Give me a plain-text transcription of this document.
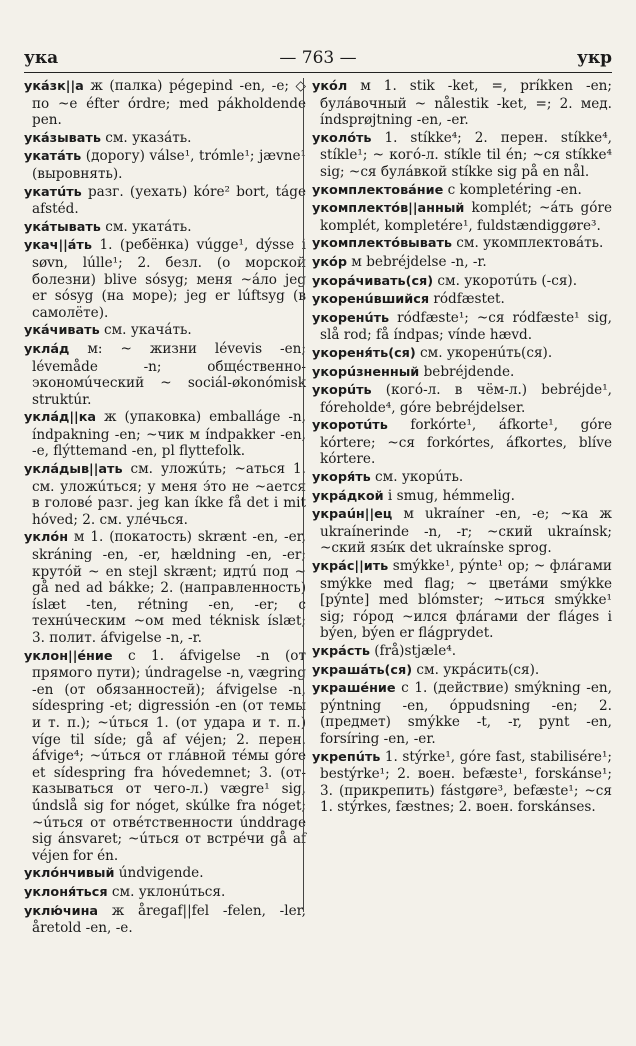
ука	— 763 —	укр
укáзк||а ж (палка) pégepind -en, -e; ◇ по ~е éfter órdre; med pákholdende pen.
укáзывать см. указáть.
укатáть (дорогу) válse¹, trómle¹; jævne¹ (выровнять).
укатúть разг. (уехать) kóre² bort, táge afstéd.
укáтывать см. укатáть.
укач||áть 1. (ребёнка) vúgge¹, dýsse i søvn, lúlle¹; 2. безл. (о морской болезни) blive sósyg; меня ~áло jeg er sósyg (на море); jeg er lúftsyg (в самолёте).
укáчивать см. укачáть.
уклáд м: ~ жизни lévevis -en; lévemåde -n; общéственно-экономúческий ~ sociál-økonómisk struktúr.
уклáд||ка ж (упаковка) emballáge -n, índpakning -en; ~чик м índpakker -en, -e, flýttemand -en, pl flyttefolk.
уклáдыв||ать см. уложúть; ~аться 1. см. уложúться; у меня э́то не ~ается в головé разг. jeg kan íkke få det i mit hóved; 2. см. улéчься.
уклóн м 1. (покатость) skrænt -en, -er, skráning -en, -er, hældning -en, -er; крутóй ~ en stejl skrænt; идтú под ~ gå ned ad bákke; 2. (направленность) íslæt -ten, rétning -en, -er; с технúческим ~ом med téknisk íslæt; 3. полит. áfvigelse -n, -r.
уклон||éние с 1. áfvigelse -n (от прямого пути); úndragelse -n, vægring -en (от обязанностей); áfvigelse -n, sídespring -et; digressión -en (от темы и т. п.); ~úться 1. (от удара и т. п.) víge til síde; gå af véjen; 2. перен. áfvige⁴; ~úться от глáвной тéмы góre et sídespring fra hóvedemnet; 3. (от-казываться от чего-л.) vægre¹ sig, úndslå sig for nóget, skúlke fra nóget; ~úться от отвéтственности únddrage sig ánsvaret; ~úться от встрéчи gå af véjen for én.
уклóнчивый úndvigende.
уклоня́ться см. уклонúться.
уклю́чина ж åregaf||fel -felen, -ler, åretold -en, -e.
укóл м 1. stik -ket, =, príkken -en; булáвочный ~ nålestik -ket, =; 2. мед. índsprøjtning -en, -er.
уколóть 1. stíkke⁴; 2. перен. stíkke⁴, stíkle¹; ~ когó-л. stíkle til én; ~ся stíkke⁴ sig; ~ся булáвкой stíkke sig på en nål.
укомплектовáние с kompletéring -en.
укомплектóв||анный komplét; ~áть góre komplét, kompletére¹, fuldstændiggøre³.
укомплектóвывать см. укомплектовáть.
укóр м bebréjdelse -n, -r.
укорáчивать(ся) см. укоротúть (-ся).
укоренúвшийся ródfæstet.
укоренúть ródfæste¹; ~ся ródfæste¹ sig, slå rod; få índpas; vínde hævd.
укореня́ть(ся) см. укоренúть(ся).
укорúзненный bebréjdende.
укорúть (когó-л. в чём-л.) bebréjde¹, fóreholde⁴, góre bebréjdelser.
укоротúть forkórte¹, áfkorte¹, góre kórtere; ~ся forkórtes, áfkortes, blíve kórtere.
укоря́ть см. укорúть.
укрáдкой i smug, hémmelig.
украúн||ец м ukraíner -en, -e; ~ка ж ukraínerinde -n, -r; ~ский ukraínsk; ~ский язы́к det ukraínske sprog.
укрáс||ить smýkke¹, pýnte¹ op; ~ флáгами smýkke med flag; ~ цветáми smýkke [pýnte] med blómster; ~иться smýkke¹ sig; гóрод ~ился флáгами der fláges i býen, býen er flágprydet.
укрáсть (frå)stjæle⁴.
украшáть(ся) см. укрáсить(ся).
украшéние с 1. (действие) smýkning -en, pýntning -en, óppudsning -en; 2. (предмет) smýkke -t, -r, pynt -en, forsíring -en, -er.
укрепúть 1. stýrke¹, góre fast, stabilisére¹; bestýrke¹; 2. воен. befæste¹, forskánse¹; 3. (прикрепить) fástgøre³, befæste¹; ~ся 1. stýrkes, fæstnes; 2. воен. forskánses.
